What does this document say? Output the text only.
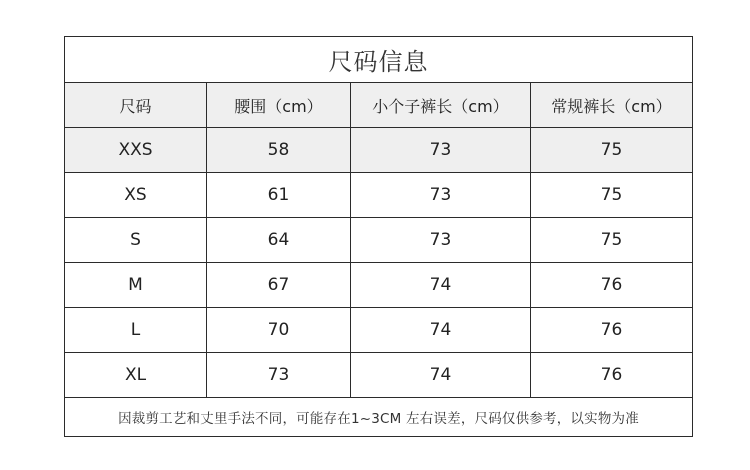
尺码信息			
尺码	腰围（cm）	小个子裤长（cm）	常规裤长（cm）
XXS	58	73	75
XS	61	73	75
S	64	73	75
M	67	74	76
L	70	74	76
XL	73	74	76
因裁剪工艺和丈里手法不同，可能存在1~3CM 左右误差，尺码仅供参考，以实物为准			
